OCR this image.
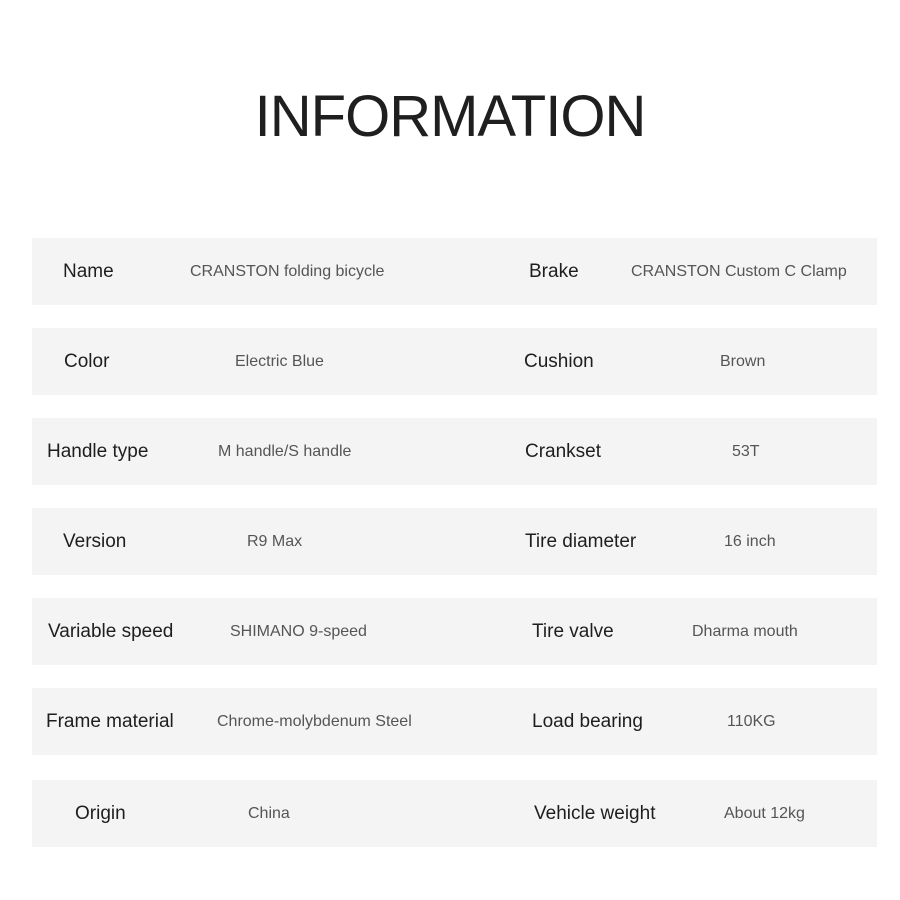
INFORMATION
Name	CRANSTON folding bicycle	Brake	CRANSTON Custom C Clamp
Color	Electric Blue	Cushion	Brown
Handle type	M handle/S handle	Crankset	53T
Version	R9 Max	Tire diameter	16 inch
Variable speed	SHIMANO 9-speed	Tire valve	Dharma mouth
Frame material	Chrome-molybdenum Steel	Load bearing	110KG
Origin	China	Vehicle weight	About 12kg
